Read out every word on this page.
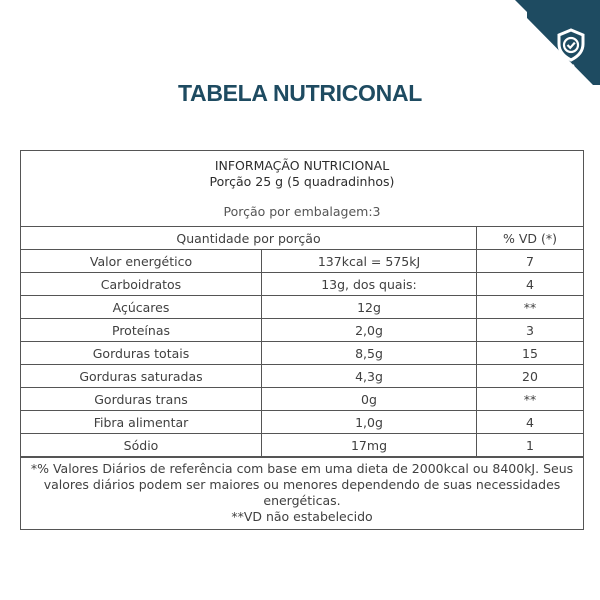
COMPRA
SEGURA
TABELA NUTRICONAL
INFORMAÇÃO NUTRICIONAL
Porção 25 g (5 quadradinhos)
Porção por embalagem:3
Quantidade por porção		% VD (*)
Valor energético	137kcal = 575kJ	7
Carboidratos	13g, dos quais:	4
Açúcares	12g	**
Proteínas	2,0g	3
Gorduras totais	8,5g	15
Gorduras saturadas	4,3g	20
Gorduras trans	0g	**
Fibra alimentar	1,0g	4
Sódio	17mg	1
*% Valores Diários de referência com base em uma dieta de 2000kcal ou 8400kJ. Seus valores diários podem ser maiores ou menores dependendo de suas necessidades energéticas.
**VD não estabelecido
